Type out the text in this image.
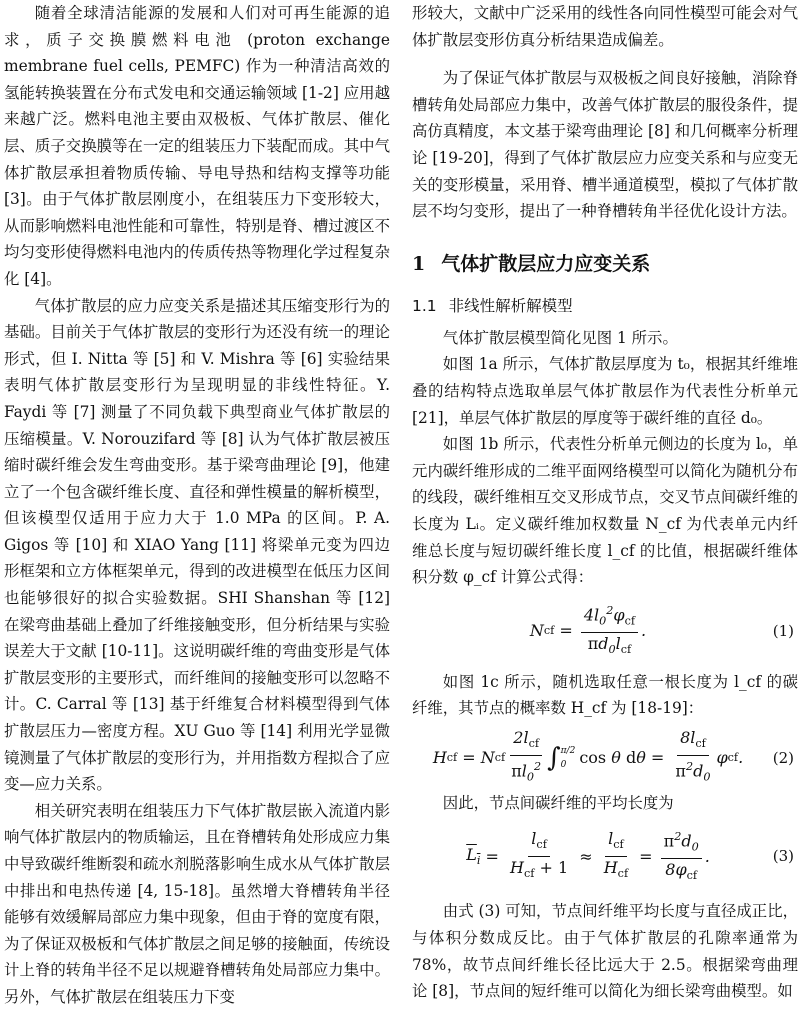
随着全球清洁能源的发展和人们对可再生能源的追求，质子交换膜燃料电池 (proton exchange membrane fuel cells, PEMFC) 作为一种清洁高效的氢能转换装置在分布式发电和交通运输领域 [1-2] 应用越来越广泛。燃料电池主要由双极板、气体扩散层、催化层、质子交换膜等在一定的组装压力下装配而成。其中气体扩散层承担着物质传输、导电导热和结构支撑等功能 [3]。由于气体扩散层刚度小，在组装压力下变形较大，从而影响燃料电池性能和可靠性，特别是脊、槽过渡区不均匀变形使得燃料电池内的传质传热等物理化学过程复杂化 [4]。

气体扩散层的应力应变关系是描述其压缩变形行为的基础。目前关于气体扩散层的变形行为还没有统一的理论形式，但 I. Nitta 等 [5] 和 V. Mishra 等 [6] 实验结果表明气体扩散层变形行为呈现明显的非线性特征。Y. Faydi 等 [7] 测量了不同负载下典型商业气体扩散层的压缩模量。V. Norouzifard 等 [8] 认为气体扩散层被压缩时碳纤维会发生弯曲变形。基于梁弯曲理论 [9]，他建立了一个包含碳纤维长度、直径和弹性模量的解析模型，但该模型仅适用于应力大于 1.0 MPa 的区间。P. A. Gigos 等 [10] 和 XIAO Yang [11] 将梁单元变为四边形框架和立方体框架单元，得到的改进模型在低压力区间也能够很好的拟合实验数据。SHI Shanshan 等 [12] 在梁弯曲基础上叠加了纤维接触变形，但分析结果与实验误差大于文献 [10-11]。这说明碳纤维的弯曲变形是气体扩散层变形的主要形式，而纤维间的接触变形可以忽略不计。C. Carral 等 [13] 基于纤维复合材料模型得到气体扩散层压力—密度方程。XU Guo 等 [14] 利用光学显微镜测量了气体扩散层的变形行为，并用指数方程拟合了应变—应力关系。

相关研究表明在组装压力下气体扩散层嵌入流道内影响气体扩散层内的物质输运，且在脊槽转角处形成应力集中导致碳纤维断裂和疏水剂脱落影响生成水从气体扩散层中排出和电热传递 [4, 15-18]。虽然增大脊槽转角半径能够有效缓解局部应力集中现象，但由于脊的宽度有限，为了保证双极板和气体扩散层之间足够的接触面，传统设计上脊的转角半径不足以规避脊槽转角处局部应力集中。另外，气体扩散层在组装压力下变

形较大，文献中广泛采用的线性各向同性模型可能会对气体扩散层变形仿真分析结果造成偏差。

为了保证气体扩散层与双极板之间良好接触，消除脊槽转角处局部应力集中，改善气体扩散层的服役条件，提高仿真精度，本文基于梁弯曲理论 [8] 和几何概率分析理论 [19-20]，得到了气体扩散层应力应变关系和与应变无关的变形模量，采用脊、槽半通道模型，模拟了气体扩散层不均匀变形，提出了一种脊槽转角半径优化设计方法。

1 气体扩散层应力应变关系
1.1 非线性解析解模型

气体扩散层模型简化见图 1 所示。

如图 1a 所示，气体扩散层厚度为 t₀，根据其纤维堆叠的结构特点选取单层气体扩散层作为代表性分析单元 [21]，单层气体扩散层的厚度等于碳纤维的直径 d₀。

如图 1b 所示，代表性分析单元侧边的长度为 l₀，单元内碳纤维形成的二维平面网络模型可以简化为随机分布的线段，碳纤维相互交叉形成节点，交叉节点间碳纤维的长度为 Lᵢ。定义碳纤维加权数量 N_cf 为代表单元内纤维总长度与短切碳纤维长度 l_cf 的比值，根据碳纤维体积分数 φ_cf 计算公式得：

N cf = $\frac{4l_0^2\varphi_{cf}}{\pi d_0l_{cf}}$ .	(1)

如图 1c 所示，随机选取任意一根长度为 l_cf 的碳纤维，其节点的概率数 H_cf 为 [18-19]：

H cf = N cf $\frac{2l_{cf}}{\pi l_0^2}$ ∫ π/2
0 cos θ d $\theta = \frac{8l_{cf}}{\pi^2d_0}$ φ cf .	(2)

因此，节点间碳纤维的平均长度为

$L_i = \frac{l_{cf}}{H_{cf} + 1} \approx \frac{l_{cf}}{H_{cf}} = \frac{\pi^2d_0}{8\varphi_{cf}}$ .	(3)

由式 (3) 可知，节点间纤维平均长度与直径成正比，与体积分数成反比。由于气体扩散层的孔隙率通常为 78%，故节点间纤维长径比远大于 2.5。根据梁弯曲理论 [8]，节点间的短纤维可以简化为细长梁弯曲模型。如
